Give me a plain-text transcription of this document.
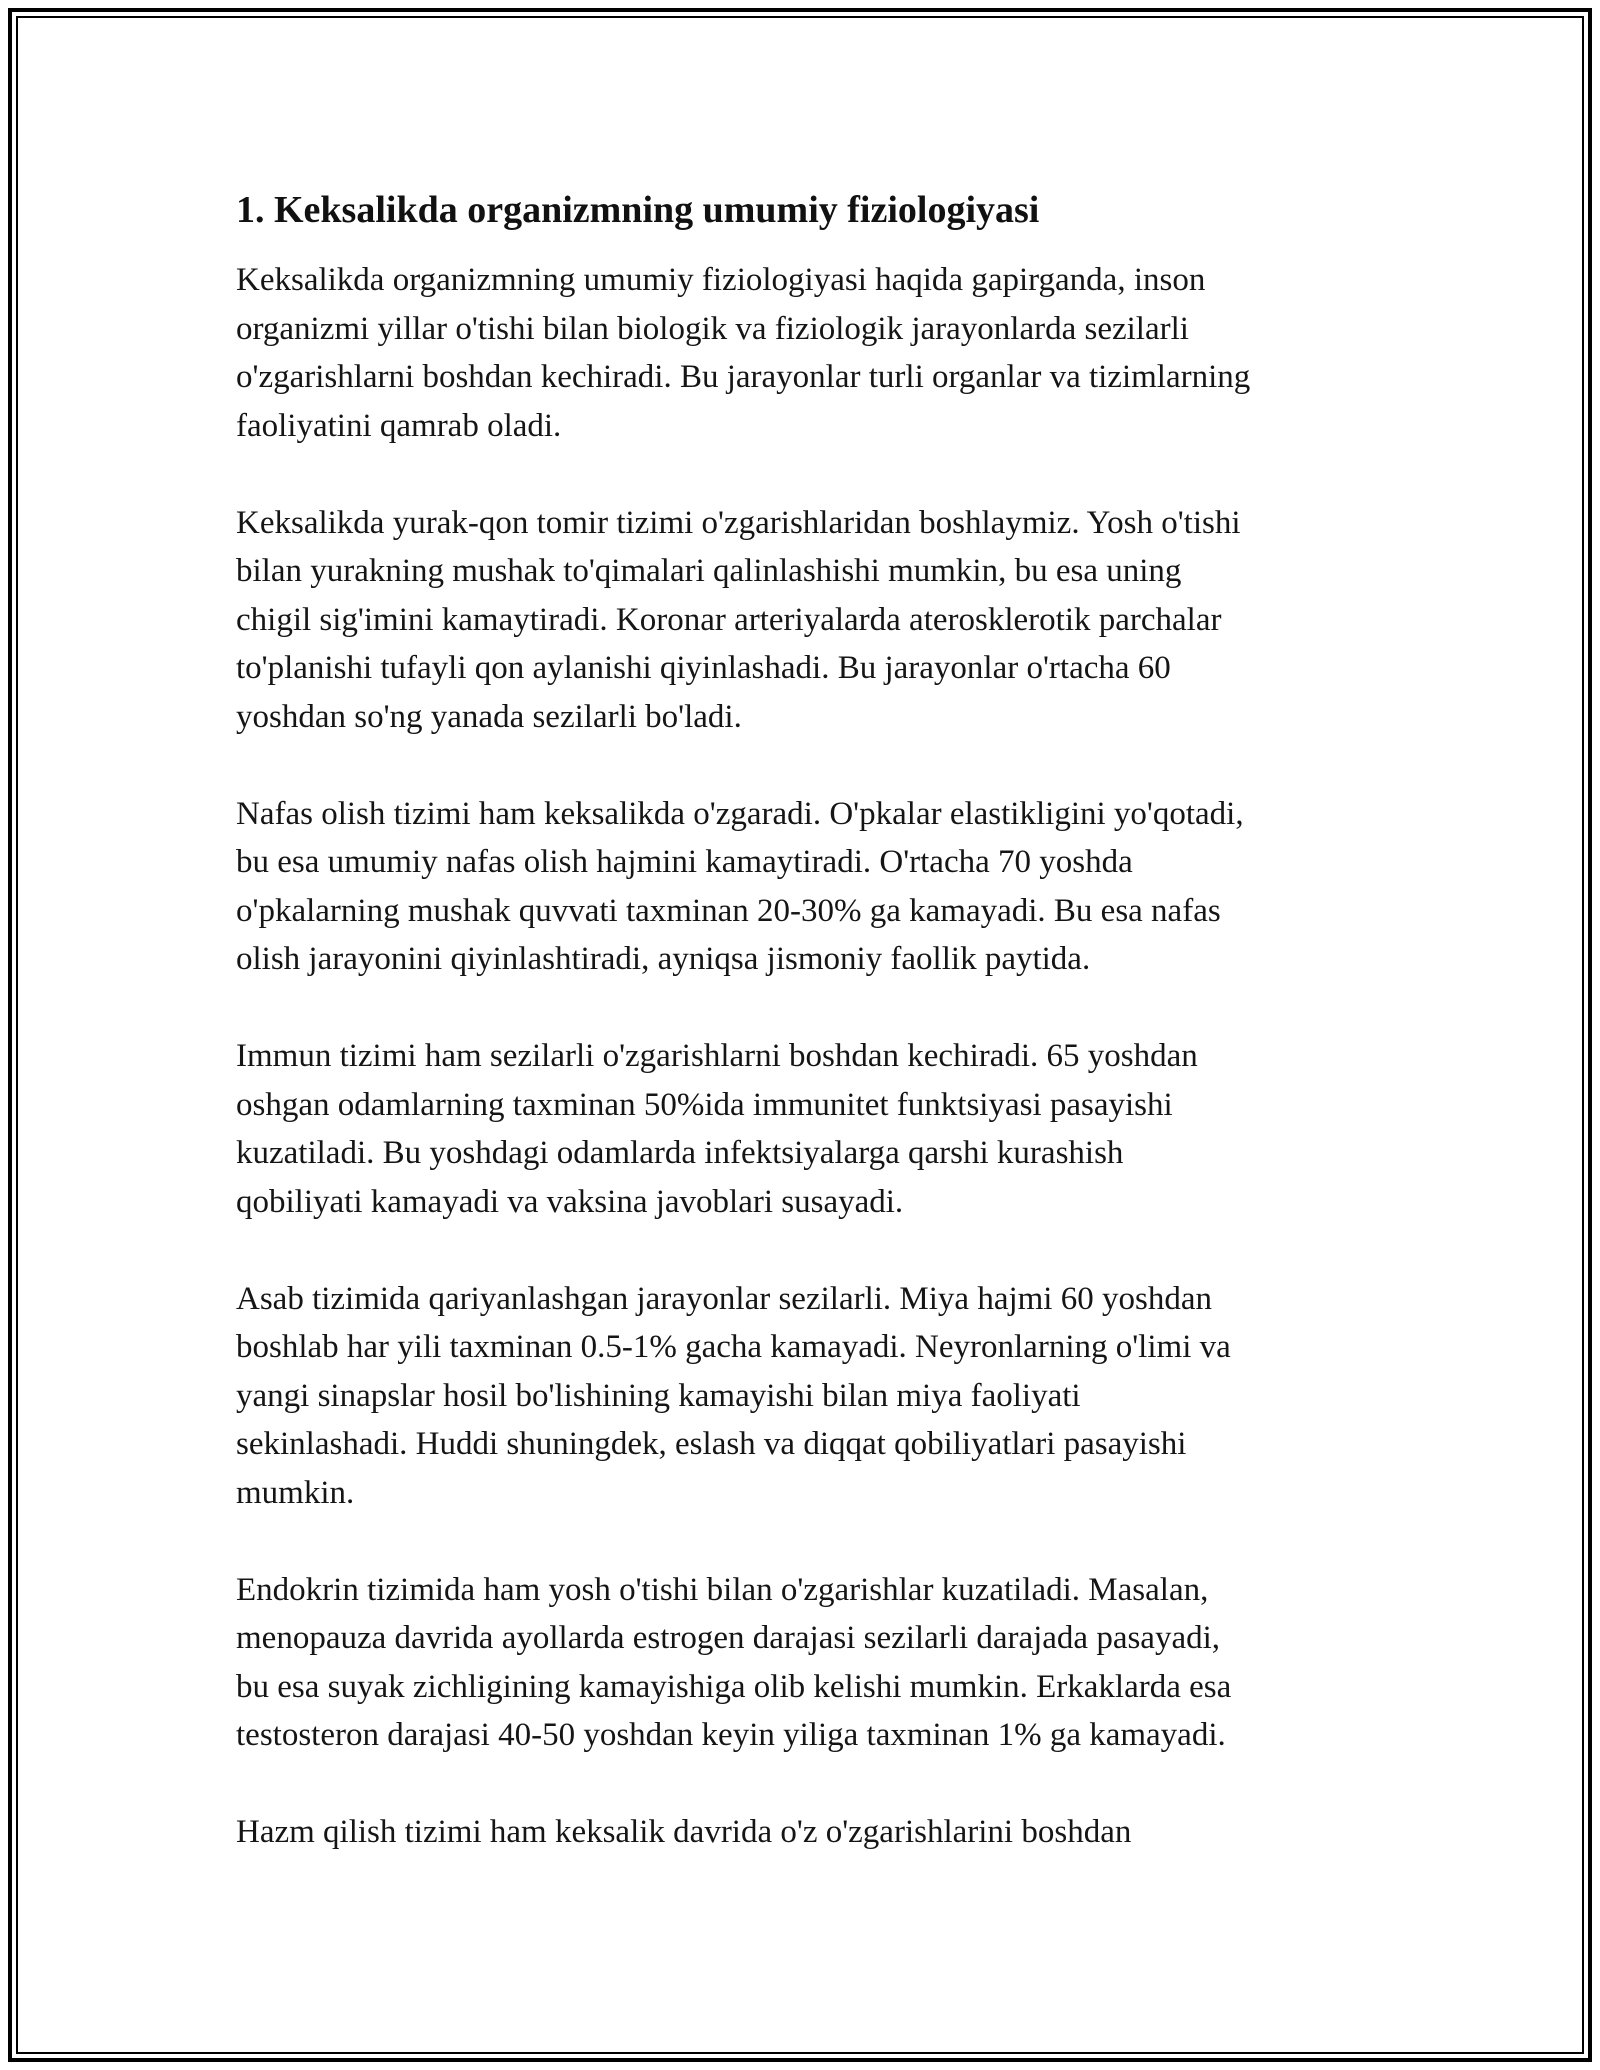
1. Keksalikda organizmning umumiy fiziologiyasi

Keksalikda organizmning umumiy fiziologiyasi haqida gapirganda, inson
organizmi yillar o'tishi bilan biologik va fiziologik jarayonlarda sezilarli
o'zgarishlarni boshdan kechiradi. Bu jarayonlar turli organlar va tizimlarning
faoliyatini qamrab oladi.

Keksalikda yurak-qon tomir tizimi o'zgarishlaridan boshlaymiz. Yosh o'tishi
bilan yurakning mushak to'qimalari qalinlashishi mumkin, bu esa uning
chigil sig'imini kamaytiradi. Koronar arteriyalarda aterosklerotik parchalar
to'planishi tufayli qon aylanishi qiyinlashadi. Bu jarayonlar o'rtacha 60
yoshdan so'ng yanada sezilarli bo'ladi.

Nafas olish tizimi ham keksalikda o'zgaradi. O'pkalar elastikligini yo'qotadi,
bu esa umumiy nafas olish hajmini kamaytiradi. O'rtacha 70 yoshda
o'pkalarning mushak quvvati taxminan 20-30% ga kamayadi. Bu esa nafas
olish jarayonini qiyinlashtiradi, ayniqsa jismoniy faollik paytida.

Immun tizimi ham sezilarli o'zgarishlarni boshdan kechiradi. 65 yoshdan
oshgan odamlarning taxminan 50%ida immunitet funktsiyasi pasayishi
kuzatiladi. Bu yoshdagi odamlarda infektsiyalarga qarshi kurashish
qobiliyati kamayadi va vaksina javoblari susayadi.

Asab tizimida qariyanlashgan jarayonlar sezilarli. Miya hajmi 60 yoshdan
boshlab har yili taxminan 0.5-1% gacha kamayadi. Neyronlarning o'limi va
yangi sinapslar hosil bo'lishining kamayishi bilan miya faoliyati
sekinlashadi. Huddi shuningdek, eslash va diqqat qobiliyatlari pasayishi
mumkin.

Endokrin tizimida ham yosh o'tishi bilan o'zgarishlar kuzatiladi. Masalan,
menopauza davrida ayollarda estrogen darajasi sezilarli darajada pasayadi,
bu esa suyak zichligining kamayishiga olib kelishi mumkin. Erkaklarda esa
testosteron darajasi 40-50 yoshdan keyin yiliga taxminan 1% ga kamayadi.

Hazm qilish tizimi ham keksalik davrida o'z o'zgarishlarini boshdan
